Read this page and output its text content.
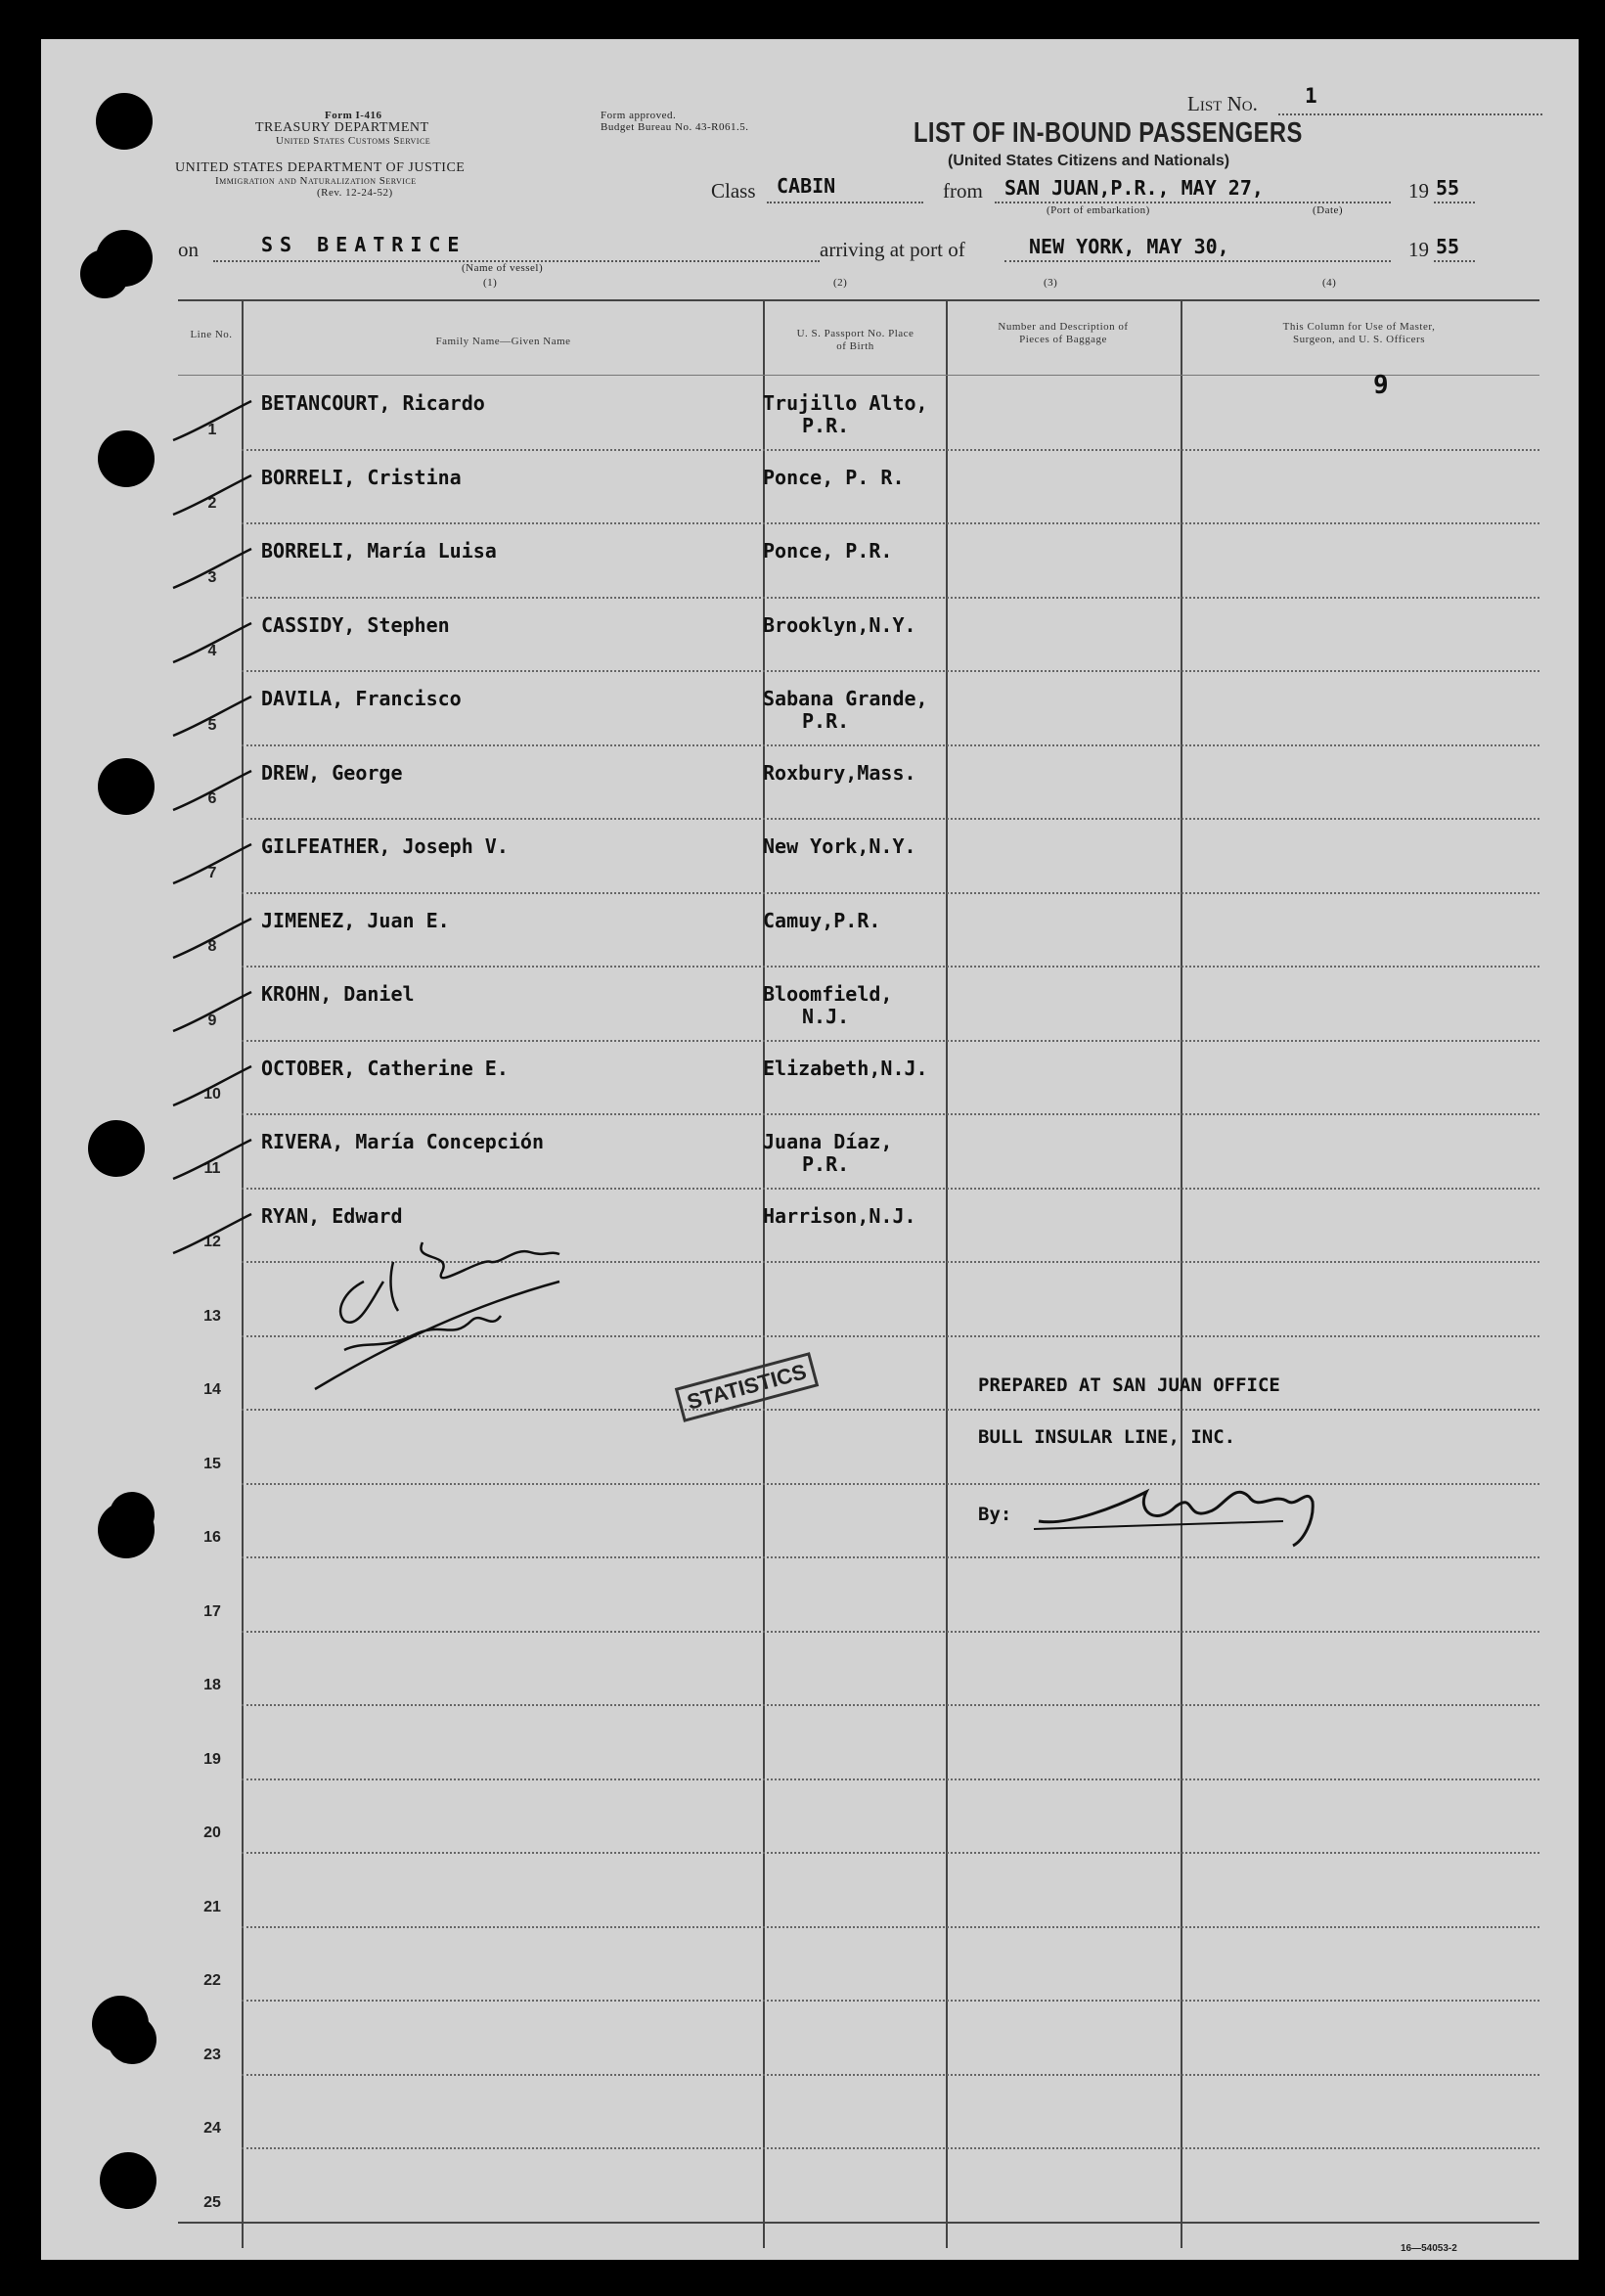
Form I-416
TREASURY DEPARTMENT
United States Customs Service
UNITED STATES DEPARTMENT OF JUSTICE
Immigration and Naturalization Service
(Rev. 12-24-52)
Form approved.
Budget Bureau No. 43-R061.5.
List No. 1
LIST OF IN-BOUND PASSENGERS
(United States Citizens and Nationals)
Class CABIN	from SAN JUAN,P.R., MAY 27,
(Port of embarkation)	(Date)
19 55
on	SS BEATRICE
(Name of vessel)
(1)
arriving at port of
(2)
NEW YORK, MAY 30,
(3)	(4)
19 55
Line No.
Family Name—Given Name
U. S. Passport No. Place of Birth
Number and Description of Pieces of Baggage
This Column for Use of Master, Surgeon, and U. S. Officers
9
1
BETANCOURT, Ricardo	Trujillo Alto,
P.R.
2
BORRELI, Cristina	Ponce, P. R.
3
BORRELI, María Luisa	Ponce, P.R.
4
CASSIDY, Stephen	Brooklyn,N.Y.
5
DAVILA, Francisco	Sabana Grande,
P.R.
6
DREW, George	Roxbury,Mass.
7
GILFEATHER, Joseph V.	New York,N.Y.
8
JIMENEZ, Juan E.	Camuy,P.R.
9
KROHN, Daniel	Bloomfield,
N.J.
10
OCTOBER, Catherine E.	Elizabeth,N.J.
11
RIVERA, María Concepción	Juana Díaz,
P.R.
12
RYAN, Edward	Harrison,N.J.
13
14
15
16
17
18
19
20
21
22
23
24
25
STATISTICS	PREPARED AT SAN JUAN OFFICE
BULL INSULAR LINE, INC.
By:
16—54053-2
